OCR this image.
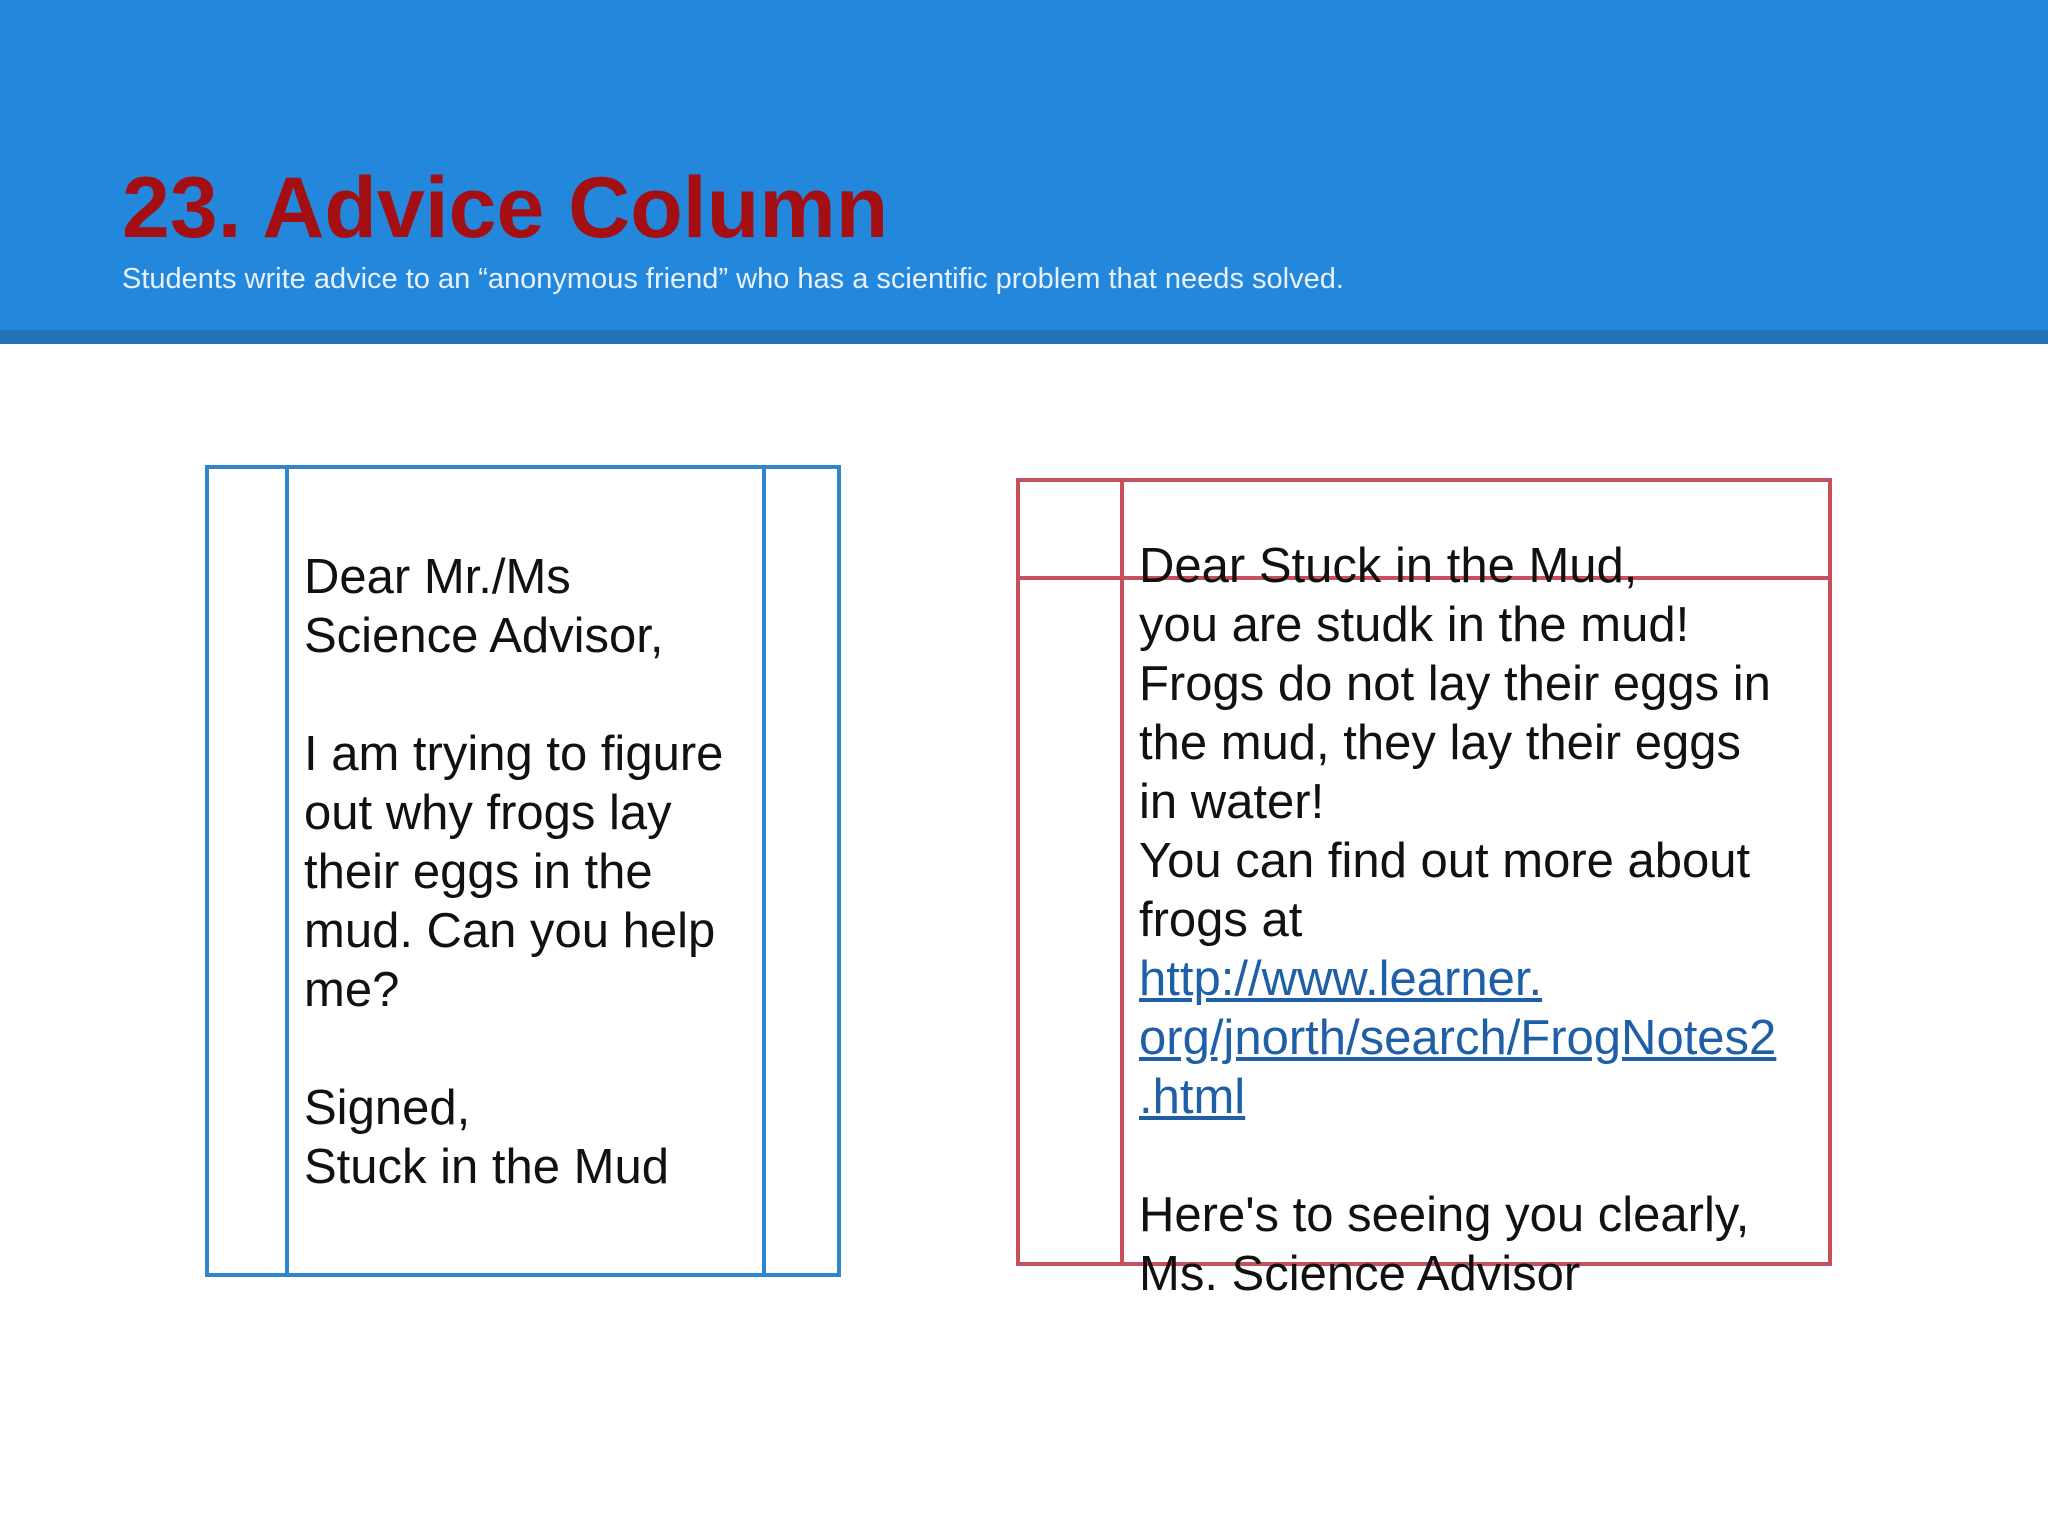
23. Advice Column
Students write advice to an “anonymous friend” who has a scientific problem that needs solved.
Dear Mr./Ms
Science Advisor,

I am trying to figure
out why frogs lay
their eggs in the
mud. Can you help
me?

Signed,
Stuck in the Mud
Dear Stuck in the Mud,
you are studk in the mud!
Frogs do not lay their eggs in
the mud, they lay their eggs
in water!
You can find out more about
frogs at
http://www.learner.
org/jnorth/search/FrogNotes2
.html
Here's to seeing you clearly,
Ms. Science Advisor
